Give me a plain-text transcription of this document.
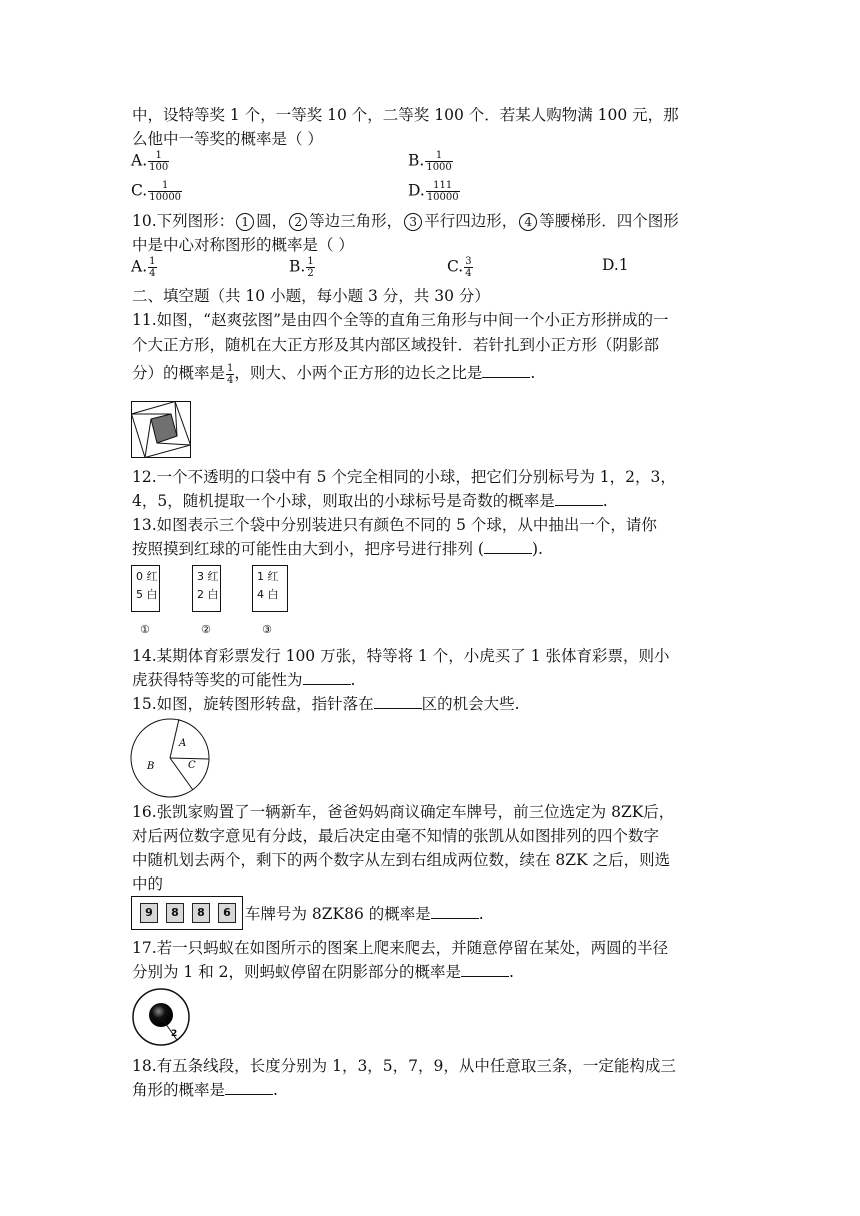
中，设特等奖 1 个，一等奖 10 个，二等奖 100 个．若某人购物满 100 元，那
么他中一等奖的概率是（ ）
A. $\frac{1}{100}$	B. $\frac{1}{1000}$
C. $\frac{1}{10000}$	D. $\frac{111}{10000}$
10.下列图形： 1 圆， 2 等边三角形， 3 平行四边形， 4 等腰梯形．四个图形
中是中心对称图形的概率是（ ）
A. $\frac{1}{4}$	B. $\frac{1}{2}$	C. $\frac{3}{4}$	D.1
二、填空题（共 10 小题，每小题 3 分，共 30 分）
11.如图，“赵爽弦图”是由四个全等的直角三角形与中间一个小正方形拼成的一
个大正方形，随机在大正方形及其内部区域投针．若针扎到小正方形（阴影部
分）的概率是 $\frac{1}{4}$ ，则大、小两个正方形的边长之比是	.
12.一个不透明的口袋中有 5 个完全相同的小球，把它们分别标号为 1，2，3，
4，5，随机提取一个小球，则取出的小球标号是奇数的概率是	.
13.如图表示三个袋中分别装进只有颜色不同的 5 个球，从中抽出一个，请你
按照摸到红球的可能性由大到小，把序号进行排列 (	).
0 红
5 白
3 红
2 白
1 红
4 白
①	②	③
14.某期体育彩票发行 100 万张，特等将 1 个，小虎买了 1 张体育彩票，则小
虎获得特等奖的可能性为	.
15.如图，旋转图形转盘，指针落在	区的机会大些.
A
B	C
16.张凯家购置了一辆新车，爸爸妈妈商议确定车牌号，前三位选定为 8ZK后，
对后两位数字意见有分歧，最后决定由毫不知情的张凯从如图排列的四个数字
中随机划去两个，剩下的两个数字从左到右组成两位数，续在 8ZK 之后，则选
中的
9	8	8	6 车牌号为 8ZK86 的概率是	.
17.若一只蚂蚁在如图所示的图案上爬来爬去，并随意停留在某处，两圆的半径
分别为 1 和 2，则蚂蚁停留在阴影部分的概率是	.
2
18.有五条线段，长度分别为 1，3，5，7，9，从中任意取三条，一定能构成三
角形的概率是	.
